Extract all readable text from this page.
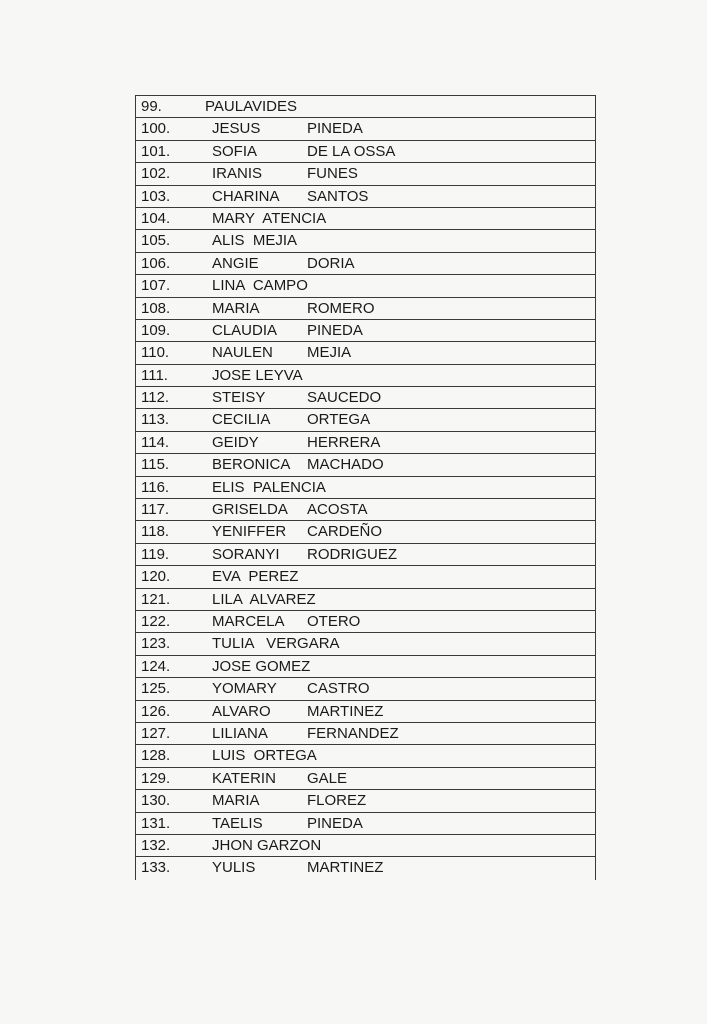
99.	PAULAVIDES
100.	JESUS	PINEDA
101.	SOFIA	DE LA OSSA
102.	IRANIS	FUNES
103.	CHARINA SANTOS
104.	MARY  ATENCIA
105.	ALIS  MEJIA
106.	ANGIE	DORIA
107.	LINA  CAMPO
108.	MARIA	ROMERO
109.	CLAUDIA PINEDA
110.	NAULEN MEJIA
111.	JOSE LEYVA
112.	STEISY	SAUCEDO
113.	CECILIA ORTEGA
114.	GEIDY	HERRERA
115.	BERONICA MACHADO
116.	ELIS  PALENCIA
117.	GRISELDA ACOSTA
118.	YENIFFER CARDEÑO
119.	SORANYI RODRIGUEZ
120.	EVA  PEREZ
121.	LILA  ALVAREZ
122.	MARCELA OTERO
123.	TULIA   VERGARA
124.	JOSE GOMEZ
125.	YOMARY CASTRO
126.	ALVARO MARTINEZ
127.	LILIANA	FERNANDEZ
128.	LUIS  ORTEGA
129.	KATERIN GALE
130.	MARIA	FLOREZ
131.	TAELIS	PINEDA
132.	JHON GARZON
133.	YULIS	MARTINEZ
